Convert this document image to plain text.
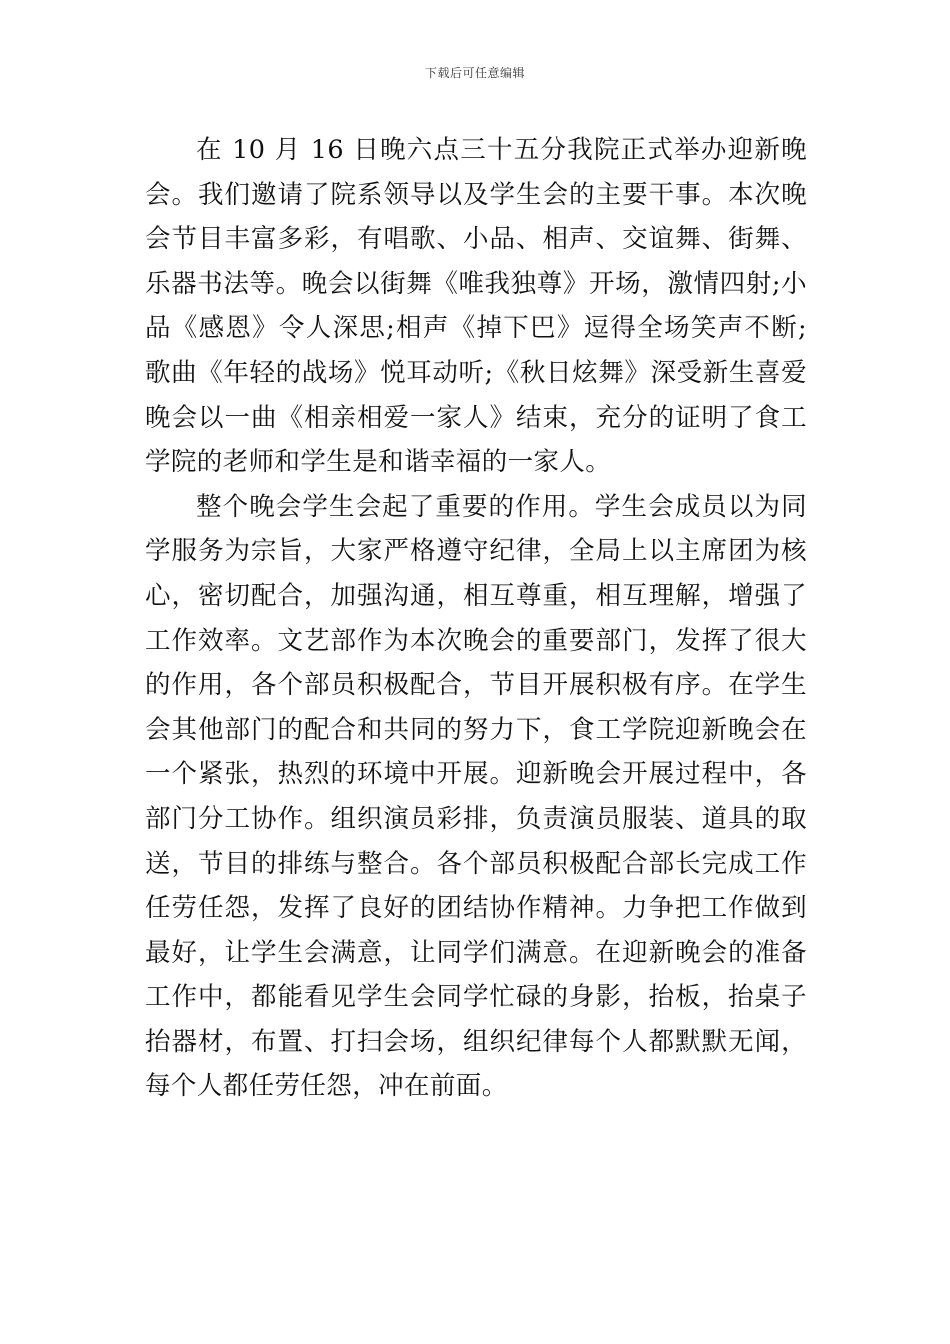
下载后可任意编辑

在 10 月 16 日晚六点三十五分我院正式举办迎新晚会。我们邀请了院系领导以及学生会的主要干事。本次晚会节目丰富多彩，有唱歌、小品、相声、交谊舞、街舞、乐器书法等。晚会以街舞《唯我独尊》开场，激情四射;小品《感恩》令人深思;相声《掉下巴》逗得全场笑声不断;歌曲《年轻的战场》悦耳动听;《秋日炫舞》深受新生喜爱晚会以一曲《相亲相爱一家人》结束，充分的证明了食工学院的老师和学生是和谐幸福的一家人。

整个晚会学生会起了重要的作用。学生会成员以为同学服务为宗旨，大家严格遵守纪律，全局上以主席团为核心，密切配合，加强沟通，相互尊重，相互理解，增强了工作效率。文艺部作为本次晚会的重要部门，发挥了很大的作用，各个部员积极配合，节目开展积极有序。在学生会其他部门的配合和共同的努力下，食工学院迎新晚会在一个紧张，热烈的环境中开展。迎新晚会开展过程中，各部门分工协作。组织演员彩排，负责演员服装、道具的取送，节目的排练与整合。各个部员积极配合部长完成工作任劳任怨，发挥了良好的团结协作精神。力争把工作做到最好，让学生会满意，让同学们满意。在迎新晚会的准备工作中，都能看见学生会同学忙碌的身影，抬板，抬桌子抬器材，布置、打扫会场，组织纪律每个人都默默无闻，每个人都任劳任怨，冲在前面。
